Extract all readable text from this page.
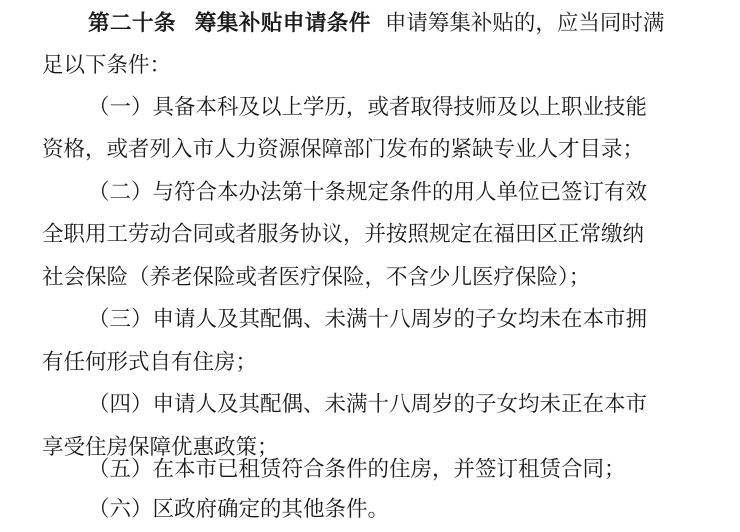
第二十条 筹集补贴申请条件 申请筹集补贴的，应当同时满
足以下条件：
（一）具备本科及以上学历，或者取得技师及以上职业技能
资格，或者列入市人力资源保障部门发布的紧缺专业人才目录；
（二）与符合本办法第十条规定条件的用人单位已签订有效
全职用工劳动合同或者服务协议，并按照规定在福田区正常缴纳
社会保险（养老保险或者医疗保险，不含少儿医疗保险）；
（三）申请人及其配偶、未满十八周岁的子女均未在本市拥
有任何形式自有住房；
（四）申请人及其配偶、未满十八周岁的子女均未正在本市
享受住房保障优惠政策；
（五）在本市已租赁符合条件的住房，并签订租赁合同；
（六）区政府确定的其他条件。
